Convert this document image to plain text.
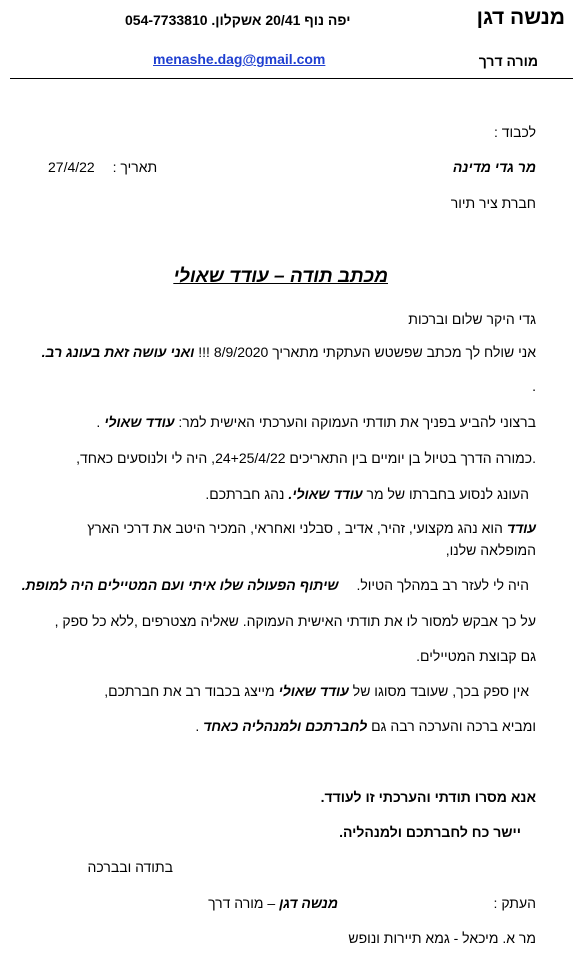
מנשה דגן
יפה נוף 20/41 אשקלון. 054-7733810
מורה דרך
menashe.dag@gmail.com
לכבוד :
מר גדי מדינה
תאריך : 27/4/22
חברת ציר תיור
מכתב תודה – עודד שאולי
גדי היקר שלום וברכות
אני שולח לך מכתב שפשטש העתקתי מתאריך 8/9/2020 !!! ואני עושה זאת בעונג רב.
.
ברצוני להביע בפניך את תודתי העמוקה והערכתי האישית למר: עודד שאולי .
.כמורה הדרך בטיול בן יומיים בין התאריכים 24+25/4/22, היה לי ולנוסעים כאחד,
העונג לנסוע בחברתו של מר עודד שאולי. נהג חברתכם.
עודד הוא נהג מקצועי, זהיר, אדיב , סבלני ואחראי, המכיר היטב את דרכי הארץ
המופלאה שלנו,
היה לי לעזר רב במהלך הטיול. שיתוף הפעולה שלו איתי ועם המטיילים היה למופת.
על כך אבקש למסור לו את תודתי האישית העמוקה. שאליה מצטרפים ,ללא כל ספק ,
גם קבוצת המטיילים.
אין ספק בכך, שעובד מסוגו של עודד שאולי מייצג בכבוד רב את חברתכם,
ומביא ברכה והערכה רבה גם לחברתכם ולמנהליה כאחד .
אנא מסרו תודתי והערכתי זו לעודד.
יישר כח לחברתכם ולמנהליה.
בתודה ובברכה
העתק :
מנשה דגן – מורה דרך
מר א. מיכאל - גמא תיירות ונופש
